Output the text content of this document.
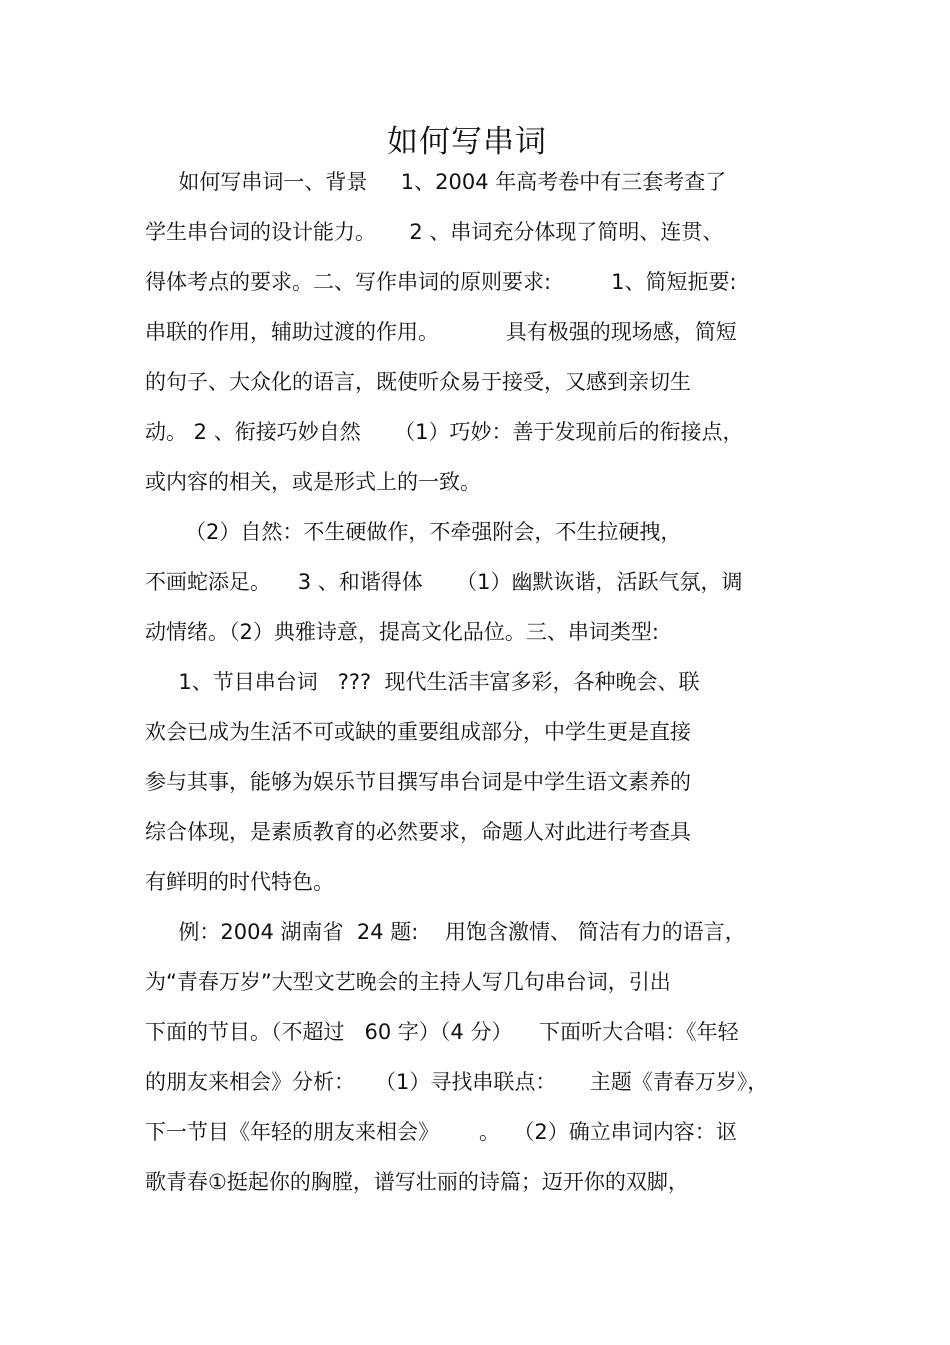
如何写串词
如何写串词一、背景     1、2004 年高考卷中有三套考查了
学生串台词的设计能力。     2 、串词充分体现了简明、连贯、
得体考点的要求。二、写作串词的原则要求:         1、简短扼要:
串联的作用，辅助过渡的作用。          具有极强的现场感，简短
的句子、大众化的语言，既使听众易于接受，又感到亲切生
动。 2 、衔接巧妙自然     （1）巧妙：善于发现前后的衔接点，
或内容的相关，或是形式上的一致。
（2）自然：不生硬做作，不牵强附会，不生拉硬拽，
不画蛇添足。    3 、和谐得体     （1）幽默诙谐，活跃气氛，调
动情绪。（2）典雅诗意，提高文化品位。三、串词类型:
1、节目串台词   ???  现代生活丰富多彩，各种晚会、联
欢会已成为生活不可或缺的重要组成部分，中学生更是直接
参与其事，能够为娱乐节目撰写串台词是中学生语文素养的
综合体现，是素质教育的必然要求，命题人对此进行考查具
有鲜明的时代特色。
例：2004 湖南省  24 题:    用饱含激情、 简洁有力的语言，
为“青春万岁”大型文艺晚会的主持人写几句串台词，引出
下面的节目。（不超过   60 字）（4 分）    下面听大合唱：《年轻
的朋友来相会》分析：   （1）寻找串联点：     主题《青春万岁》，
下一节目《年轻的朋友来相会》      。  （2）确立串词内容：讴
歌青春①挺起你的胸膛，谱写壮丽的诗篇；迈开你的双脚，
